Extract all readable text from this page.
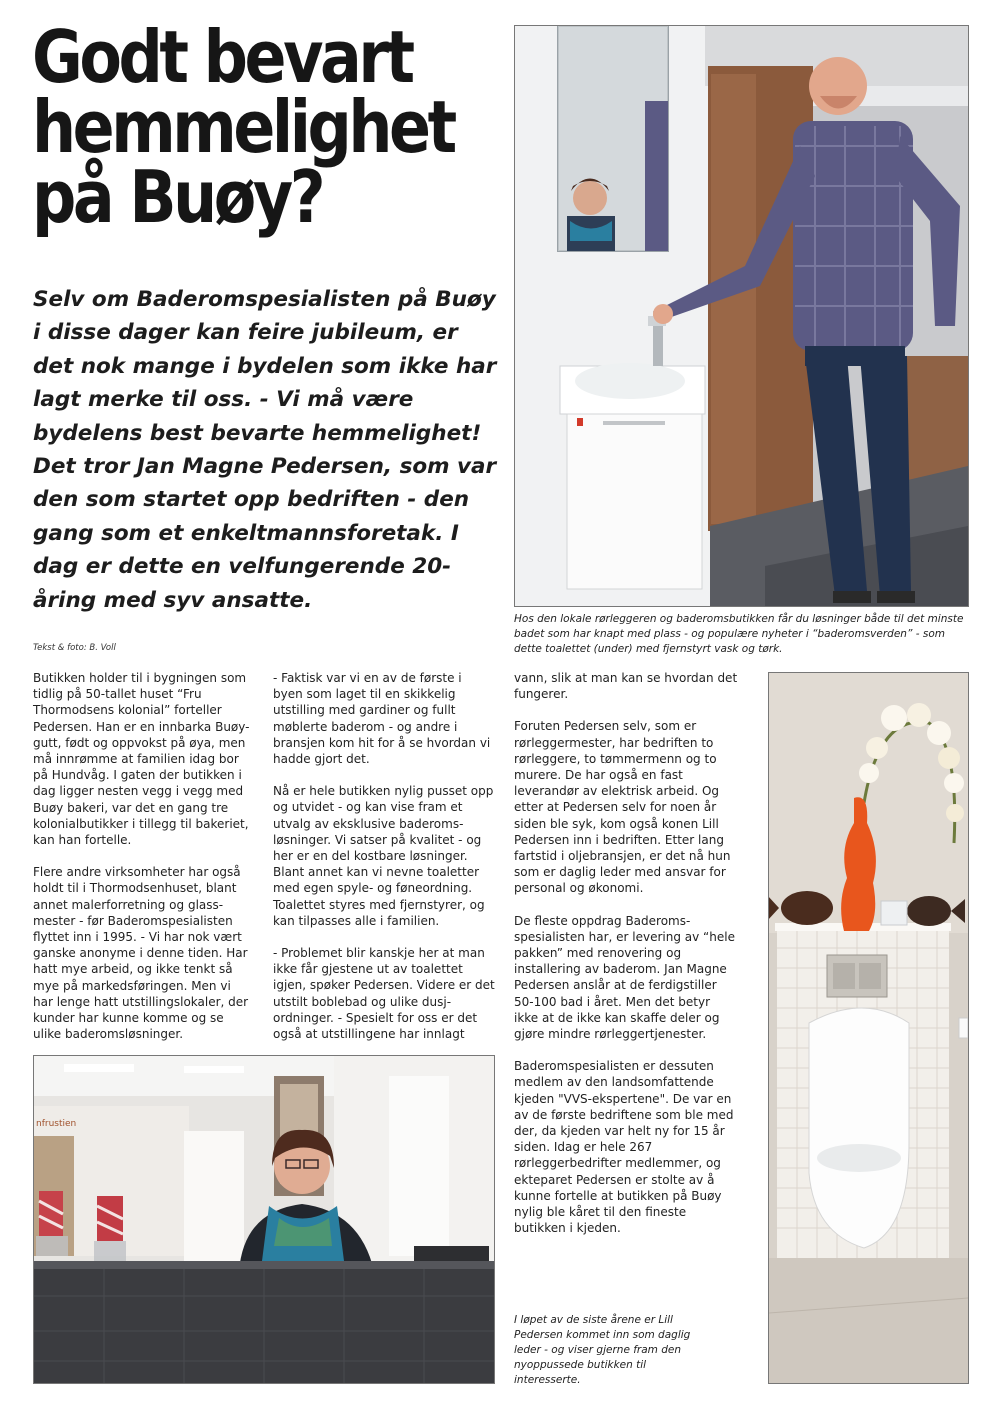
Godt bevart
hemmelighet
på Buøy?
Selv om Baderomspesialisten på Buøy i disse dager kan feire jubileum, er det nok mange i bydelen som ikke har lagt merke til oss. - Vi må være bydelens best bevarte hemmelighet! Det tror Jan Magne Pedersen, som var den som startet opp bedriften - den gang som et enkeltmannsforetak. I dag er dette en velfungerende 20-åring med syv ansatte.
Tekst & foto: B. Voll

Butikken holder til i bygningen som tidlig på 50-tallet huset “Fru Thormodsens kolonial” forteller Pedersen. Han er en innbarka Buøy-gutt, født og oppvokst på øya, men må innrømme at familien idag bor på Hundvåg. I gaten der butikken i dag ligger nesten vegg i vegg med Buøy bakeri, var det en gang tre kolonialbutikker i tillegg til bakeriet, kan han fortelle.

Flere andre virksomheter har også holdt til i Thormodsenhuset, blant annet malerforretning og glass-mester - før Baderomspesialisten flyttet inn i 1995. - Vi har nok vært ganske anonyme i denne tiden. Har hatt mye arbeid, og ikke tenkt så mye på markedsføringen. Men vi har lenge hatt utstillingslokaler, der kunder har kunne komme og se ulike baderomsløsninger.

- Faktisk var vi en av de første i byen som laget til en skikkelig utstilling med gardiner og fullt møblerte baderom - og andre i bransjen kom hit for å se hvordan vi hadde gjort det.

Nå er hele butikken nylig pusset opp og utvidet - og kan vise fram et utvalg av eksklusive baderoms-løsninger. Vi satser på kvalitet - og her er en del kostbare løsninger. Blant annet kan vi nevne toaletter med egen spyle- og føneordning. Toalettet styres med fjernstyrer, og kan tilpasses alle i familien.

- Problemet blir kanskje her at man ikke får gjestene ut av toalettet igjen, spøker Pedersen. Videre er det utstilt boblebad og ulike dusj-ordninger. - Spesielt for oss er det også at utstillingene har innlagt

vann, slik at man kan se hvordan det fungerer.

Foruten Pedersen selv, som er rørleggermester, har bedriften to rørleggere, to tømmermenn og to murere. De har også en fast leverandør av elektrisk arbeid. Og etter at Pedersen selv for noen år siden ble syk, kom også konen Lill Pedersen inn i bedriften. Etter lang fartstid i oljebransjen, er det nå hun som er daglig leder med ansvar for personal og økonomi.

De fleste oppdrag Baderoms-spesialisten har, er levering av “hele pakken” med renovering og installering av baderom. Jan Magne Pedersen anslår at de ferdigstiller 50-100 bad i året. Men det betyr ikke at de ikke kan skaffe deler og gjøre mindre rørleggertjenester.

Baderomspesialisten er dessuten medlem av den landsomfattende kjeden "VVS-ekspertene". De var en av de første bedriftene som ble med der, da kjeden var helt ny for 15 år siden. Idag er hele 267 rørleggerbedrifter medlemmer, og ekteparet Pedersen er stolte av å kunne fortelle at butikken på Buøy nylig ble kåret til den fineste butikken i kjeden.

Hos den lokale rørleggeren og baderomsbutikken får du løsninger både til det minste badet som har knapt med plass - og populære nyheter i “baderomsverden” - som dette toalettet (under) med fjernstyrt vask og tørk.
I løpet av de siste årene er Lill Pedersen kommet inn som daglig leder - og viser gjerne fram den nyoppussede butikken til interesserte.
nfrustien
